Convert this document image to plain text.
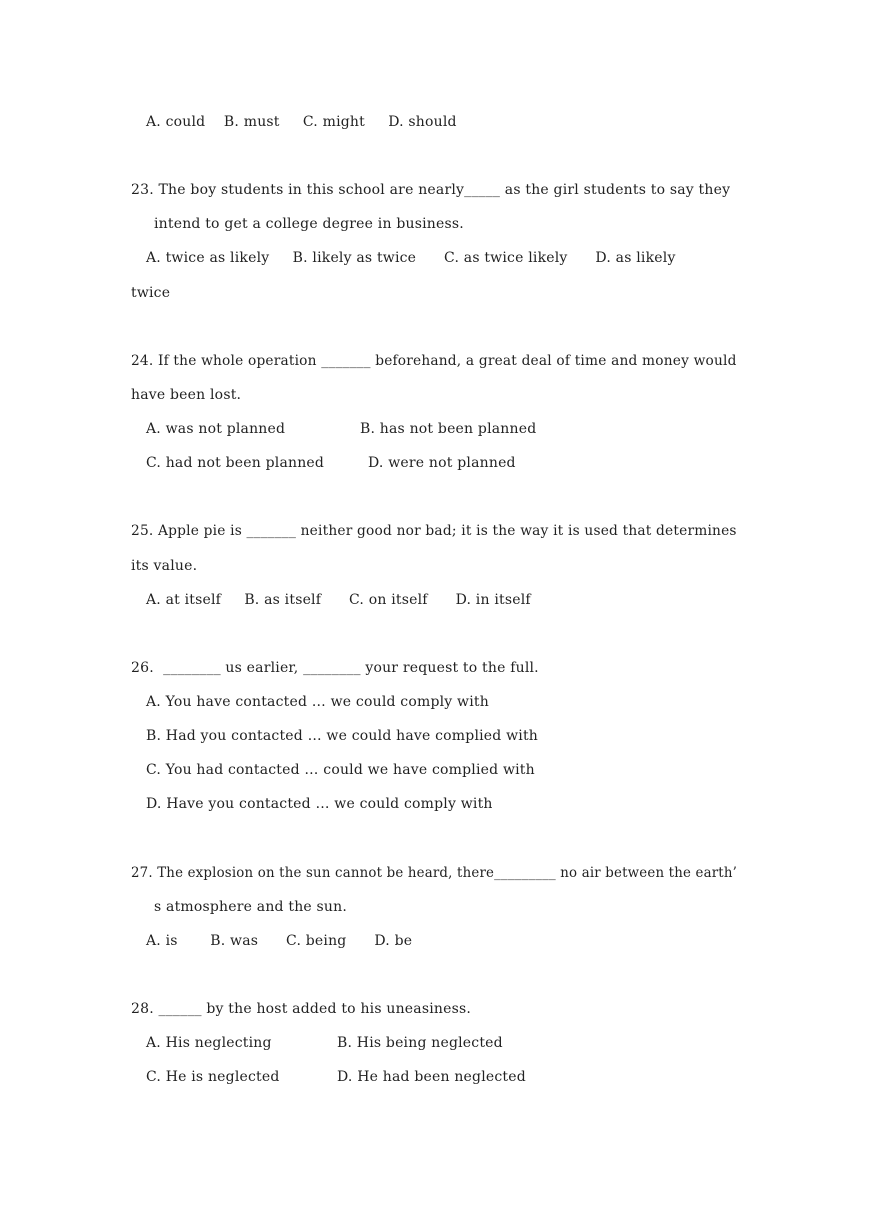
A. could    B. must     C. might     D. should
23. The boy students in this school are nearly_____ as the girl students to say they
intend to get a college degree in business.
A. twice as likely     B. likely as twice      C. as twice likely      D. as likely
twice
24. If the whole operation _______ beforehand, a great deal of time and money would
have been lost.
A. was not planned	B. has not been planned
C. had not been planned	D. were not planned
25. Apple pie is _______ neither good nor bad; it is the way it is used that determines
its value.
A. at itself     B. as itself      C. on itself      D. in itself
26.  ________ us earlier, ________ your request to the full.
A. You have contacted … we could comply with
B. Had you contacted … we could have complied with
C. You had contacted … could we have complied with
D. Have you contacted … we could comply with
27. The explosion on the sun cannot be heard, there_________ no air between the earth’
s atmosphere and the sun.
A. is       B. was      C. being      D. be
28. ______ by the host added to his uneasiness.
A. His neglecting	B. His being neglected
C. He is neglected	D. He had been neglected
